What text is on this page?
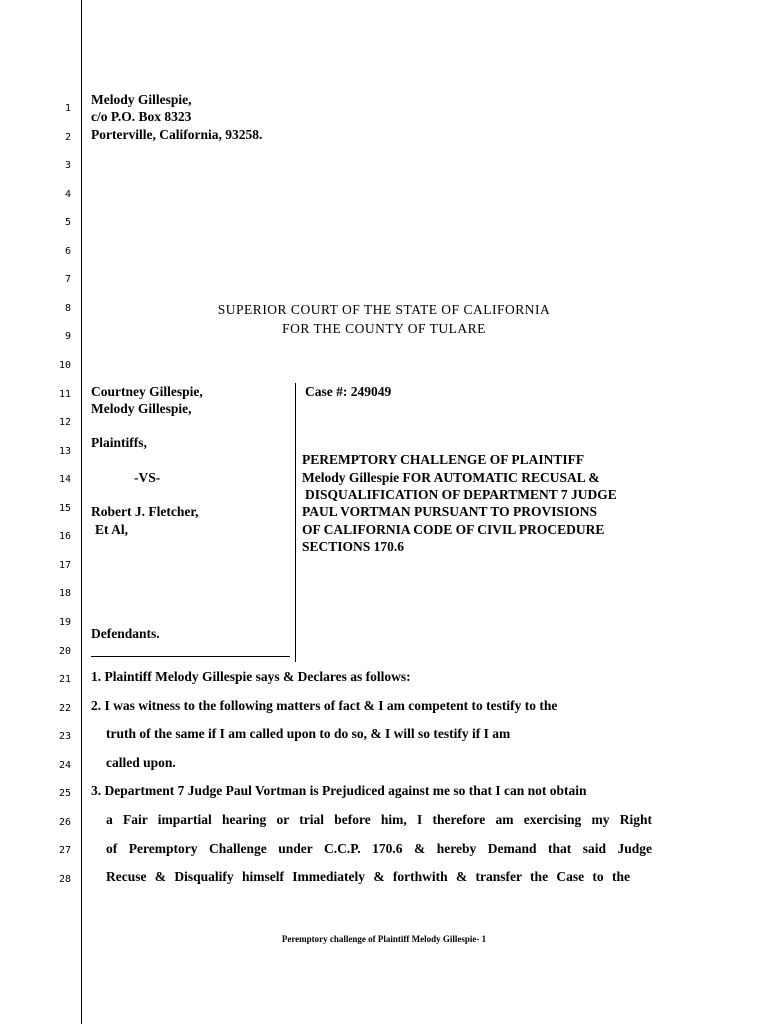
1
2
3
4
5
6
7
8
9
10
11
12
13
14
15
16
17
18
19
20
21
22
23
24
25
26
27
28
Melody Gillespie,
c/o P.O. Box 8323
Porterville, California, 93258.
SUPERIOR COURT OF THE STATE OF CALIFORNIA
FOR THE COUNTY OF TULARE
Courtney Gillespie,
Melody Gillespie,
Plaintiffs,
-VS-
Robert J. Fletcher,
Et Al,
Defendants.
Case #: 249049
PEREMPTORY CHALLENGE OF PLAINTIFF
Melody Gillespie FOR AUTOMATIC RECUSAL &
DISQUALIFICATION OF DEPARTMENT 7 JUDGE
PAUL VORTMAN PURSUANT TO PROVISIONS
OF CALIFORNIA CODE OF CIVIL PROCEDURE
SECTIONS 170.6
1. Plaintiff Melody Gillespie says & Declares as follows:
2. I was witness to the following matters of fact & I am competent to testify to the
truth of the same if I am called upon to do so, & I will so testify if I am
called upon.
3. Department 7 Judge Paul Vortman is Prejudiced against me so that I can not obtain
a Fair impartial hearing or trial before him, I therefore am exercising my Right
of Peremptory Challenge under C.C.P. 170.6 & hereby Demand that said Judge
Recuse & Disqualify himself Immediately & forthwith & transfer the Case to the
Peremptory challenge of Plaintiff Melody Gillespie- 1
